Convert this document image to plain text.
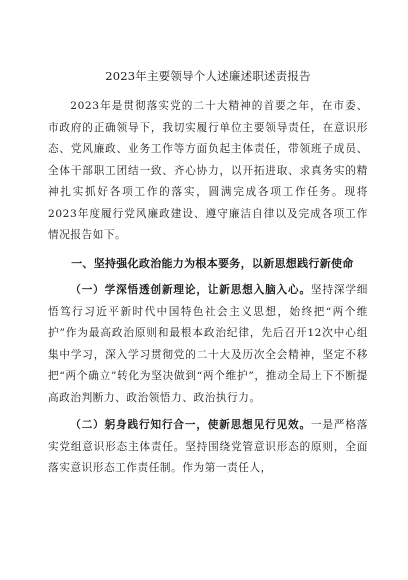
2023年主要领导个人述廉述职述责报告

2023年是贯彻落实党的二十大精神的首要之年，在市委、市政府的正确领导下，我切实履行单位主要领导责任，在意识形态、党风廉政、业务工作等方面负起主体责任，带领班子成员、全体干部职工团结一致、齐心协力，以开拓进取、求真务实的精神扎实抓好各项工作的落实，圆满完成各项工作任务。现将2023年度履行党风廉政建设、遵守廉洁自律以及完成各项工作情况报告如下。

一、坚持强化政治能力为根本要务，以新思想践行新使命

（一）学深悟透创新理论，让新思想入脑入心。坚持深学细悟笃行习近平新时代中国特色社会主义思想，始终把“两个维护”作为最高政治原则和最根本政治纪律，先后召开12次中心组集中学习，深入学习贯彻党的二十大及历次全会精神，坚定不移把“两个确立”转化为坚决做到“两个维护”，推动全局上下不断提高政治判断力、政治领悟力、政治执行力。

（二）躬身践行知行合一，使新思想见行见效。一是严格落实党组意识形态主体责任。坚持围绕党管意识形态的原则，全面落实意识形态工作责任制。作为第一责任人，
